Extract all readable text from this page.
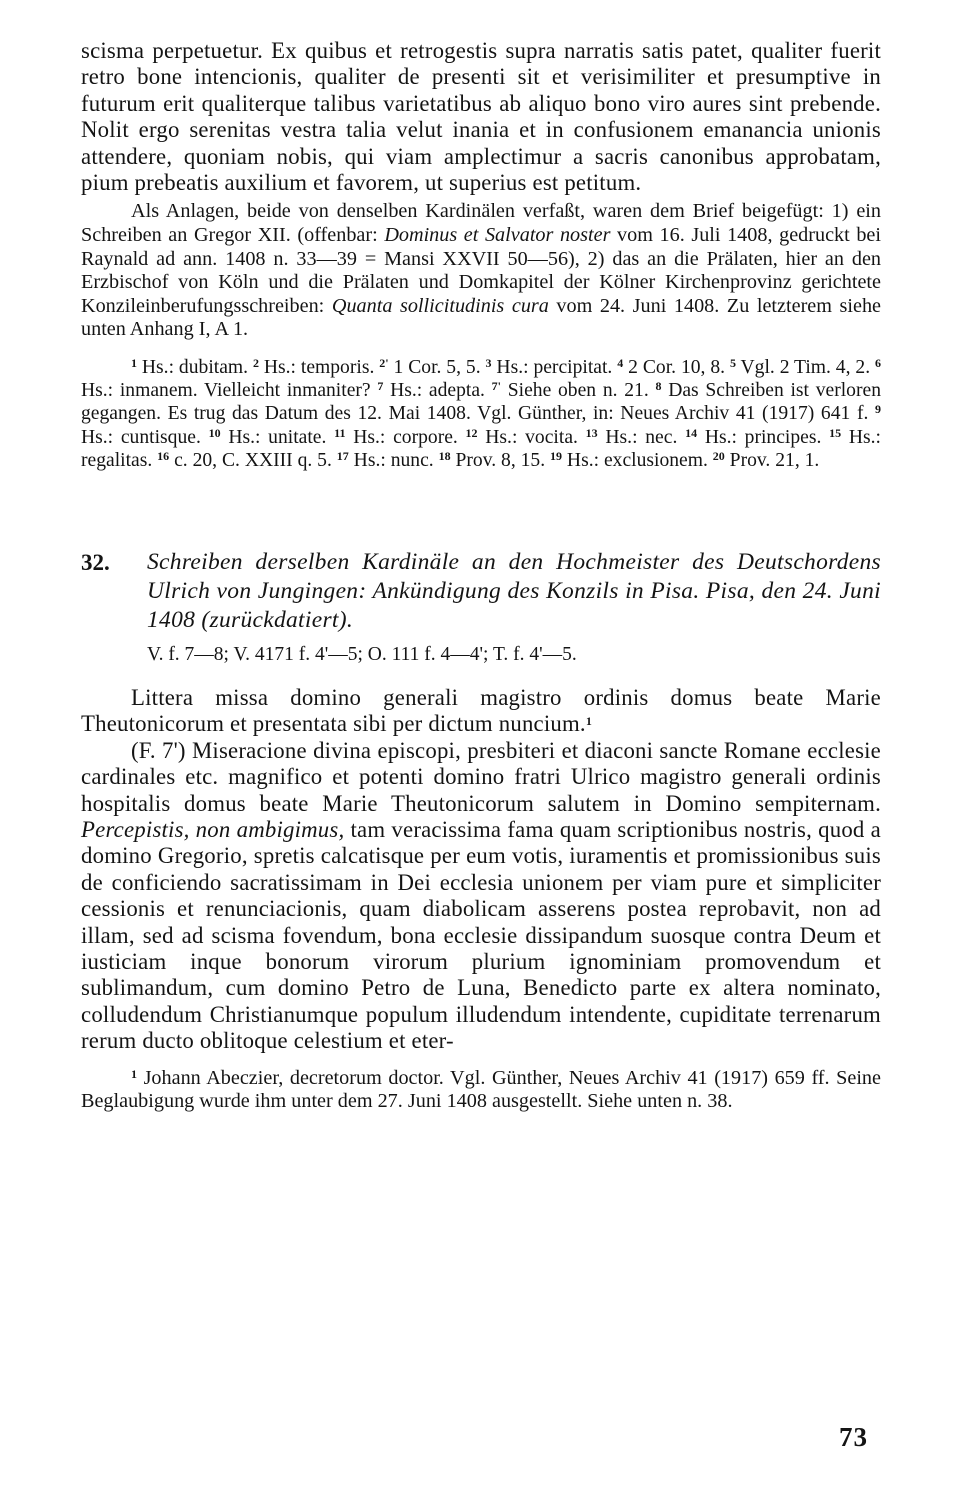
scisma perpetuetur. Ex quibus et retrogestis supra narratis satis patet, qualiter fuerit retro bone intencionis, qualiter de presenti sit et verisimiliter et presumptive in futurum erit qualiterque talibus varietatibus ab aliquo bono viro aures sint prebende. Nolit ergo serenitas vestra talia velut inania et in confusionem emanancia unionis attendere, quoniam nobis, qui viam amplectimur a sacris canonibus approbatam, pium prebeatis auxilium et favorem, ut superius est petitum.

Als Anlagen, beide von denselben Kardinälen verfaßt, waren dem Brief beigefügt: 1) ein Schreiben an Gregor XII. (offenbar: Dominus et Salvator noster vom 16. Juli 1408, gedruckt bei Raynald ad ann. 1408 n. 33—39 = Mansi XXVII 50—56), 2) das an die Prälaten, hier an den Erzbischof von Köln und die Prälaten und Domkapitel der Kölner Kirchenprovinz gerichtete Konzileinberufungsschreiben: Quanta sollicitudinis cura vom 24. Juni 1408. Zu letzterem siehe unten Anhang I, A 1.

$^1$ Hs.: dubitam. $^2$ Hs.: temporis. $^{2'}$ 1 Cor. 5, 5. $^3$ Hs.: percipitat. $^4$ 2 Cor. 10, 8. $^5$ Vgl. 2 Tim. 4, 2. $^6$ Hs.: inmanem. Vielleicht inmaniter? $^7$ Hs.: adepta. $^{7'}$ Siehe oben n. 21. $^8$ Das Schreiben ist verloren gegangen. Es trug das Datum des 12. Mai 1408. Vgl. Günther, in: Neues Archiv 41 (1917) 641 f. $^9$ Hs.: cuntisque. $^{10}$ Hs.: unitate. $^{11}$ Hs.: corpore. $^{12}$ Hs.: vocita. $^{13}$ Hs.: nec. $^{14}$ Hs.: principes. $^{15}$ Hs.: regalitas. $^{16}$ c. 20, C. XXIII q. 5. $^{17}$ Hs.: nunc. $^{18}$ Prov. 8, 15. $^{19}$ Hs.: exclusionem. $^{20}$ Prov. 21, 1.

32. Schreiben derselben Kardinäle an den Hochmeister des Deutschordens Ulrich von Jungingen: Ankündigung des Konzils in Pisa. Pisa, den 24. Juni 1408 (zurückdatiert).
V. f. 7—8; V. 4171 f. 4'—5; O. 111 f. 4—4'; T. f. 4'—5.

Littera missa domino generali magistro ordinis domus beate Marie Theutonicorum et presentata sibi per dictum nuncium.$^1$

(F. 7') Miseracione divina episcopi, presbiteri et diaconi sancte Romane ecclesie cardinales etc. magnifico et potenti domino fratri Ulrico magistro generali ordinis hospitalis domus beate Marie Theutonicorum salutem in Domino sempiternam. Percepistis, non ambigimus, tam veracissima fama quam scriptionibus nostris, quod a domino Gregorio, spretis calcatisque per eum votis, iuramentis et promissionibus suis de conficiendo sacratissimam in Dei ecclesia unionem per viam pure et simpliciter cessionis et renunciacionis, quam diabolicam asserens postea reprobavit, non ad illam, sed ad scisma fovendum, bona ecclesie dissipandum suosque contra Deum et iusticiam inque bonorum virorum plurium ignominiam promovendum et sublimandum, cum domino Petro de Luna, Benedicto parte ex altera nominato, colludendum Christianumque populum illudendum intendente, cupiditate terrenarum rerum ducto oblitoque celestium et eter-

$^1$ Johann Abeczier, decretorum doctor. Vgl. Günther, Neues Archiv 41 (1917) 659 ff. Seine Beglaubigung wurde ihm unter dem 27. Juni 1408 ausgestellt. Siehe unten n. 38.

73
